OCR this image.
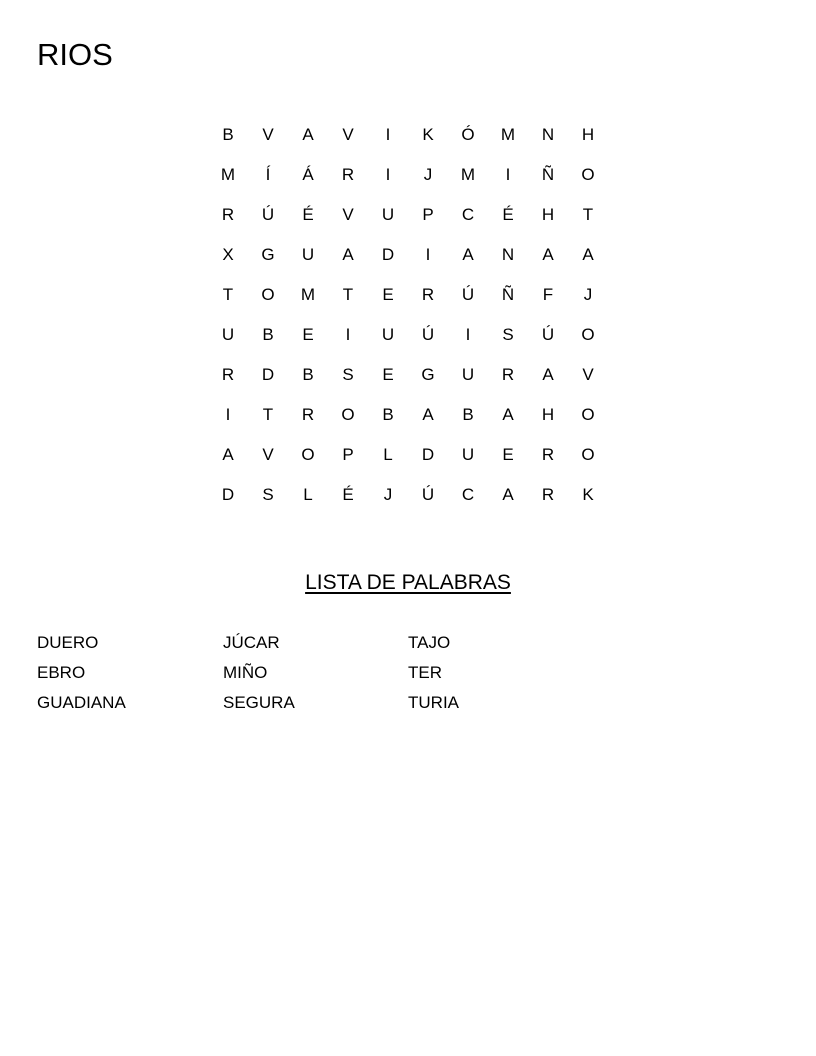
RIOS
B	V	A	V	I	K	Ó	M	N	H
M	Í	Á	R	I	J	M	I	Ñ	O
R	Ú	É	V	U	P	C	É	H	T
X	G	U	A	D	I	A	N	A	A
T	O	M	T	E	R	Ú	Ñ	F	J
U	B	E	I	U	Ú	I	S	Ú	O
R	D	B	S	E	G	U	R	A	V
I	T	R	O	B	A	B	A	H	O
A	V	O	P	L	D	U	E	R	O
D	S	L	É	J	Ú	C	A	R	K
LISTA DE PALABRAS
DUERO
EBRO
GUADIANA
JÚCAR
MIÑO
SEGURA
TAJO
TER
TURIA
